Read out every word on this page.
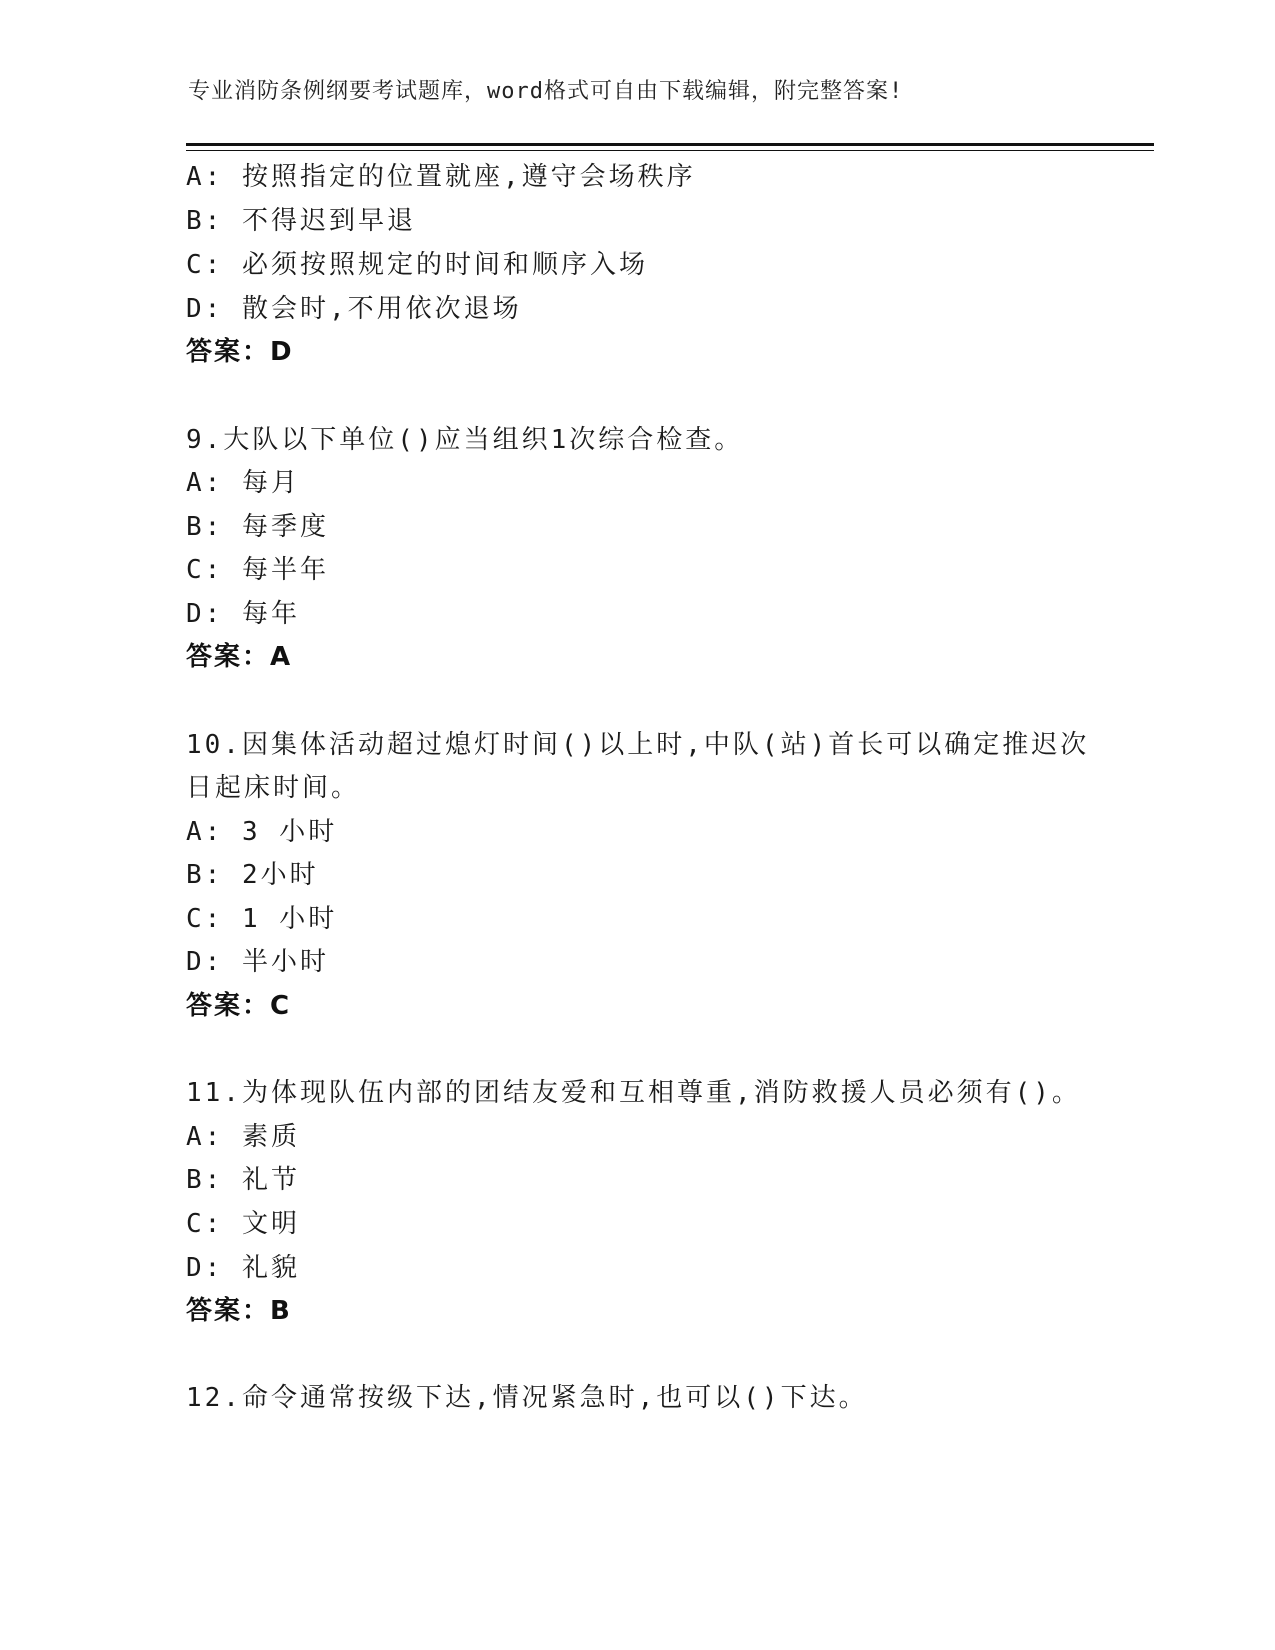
专业消防条例纲要考试题库，word格式可自由下载编辑，附完整答案!
A: 按照指定的位置就座,遵守会场秩序
B: 不得迟到早退
C: 必须按照规定的时间和顺序入场
D: 散会时,不用依次退场
答案：D
9.大队以下单位()应当组织1次综合检查。
A: 每月
B: 每季度
C: 每半年
D: 每年
答案：A
10.因集体活动超过熄灯时间()以上时,中队(站)首长可以确定推迟次
日起床时间。
A: 3 小时
B: 2小时
C: 1 小时
D: 半小时
答案：C
11.为体现队伍内部的团结友爱和互相尊重,消防救援人员必须有()。
A: 素质
B: 礼节
C: 文明
D: 礼貌
答案：B
12.命令通常按级下达,情况紧急时,也可以()下达。
